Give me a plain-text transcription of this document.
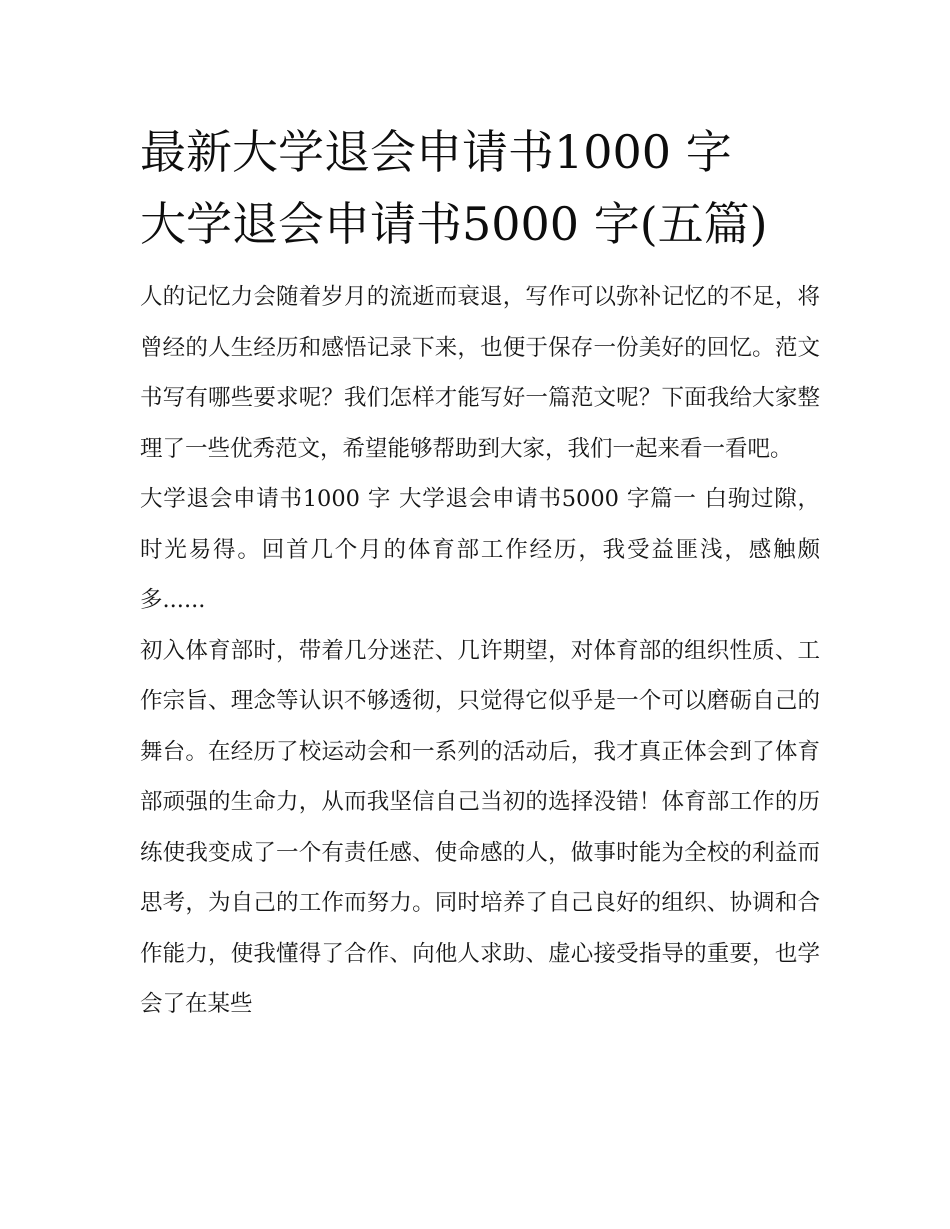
最新大学退会申请书1000 字
大学退会申请书5000 字(五篇)

人的记忆力会随着岁月的流逝而衰退，写作可以弥补记忆的不足，将曾经的人生经历和感悟记录下来，也便于保存一份美好的回忆。范文书写有哪些要求呢？我们怎样才能写好一篇范文呢？下面我给大家整理了一些优秀范文，希望能够帮助到大家，我们一起来看一看吧。

大学退会申请书1000 字 大学退会申请书5000 字篇一 白驹过隙，时光易得。回首几个月的体育部工作经历，我受益匪浅，感触颇多......

初入体育部时，带着几分迷茫、几许期望，对体育部的组织性质、工作宗旨、理念等认识不够透彻，只觉得它似乎是一个可以磨砺自己的舞台。在经历了校运动会和一系列的活动后，我才真正体会到了体育部顽强的生命力，从而我坚信自己当初的选择没错！体育部工作的历练使我变成了一个有责任感、使命感的人，做事时能为全校的利益而思考，为自己的工作而努力。同时培养了自己良好的组织、协调和合作能力，使我懂得了合作、向他人求助、虚心接受指导的重要，也学会了在某些
